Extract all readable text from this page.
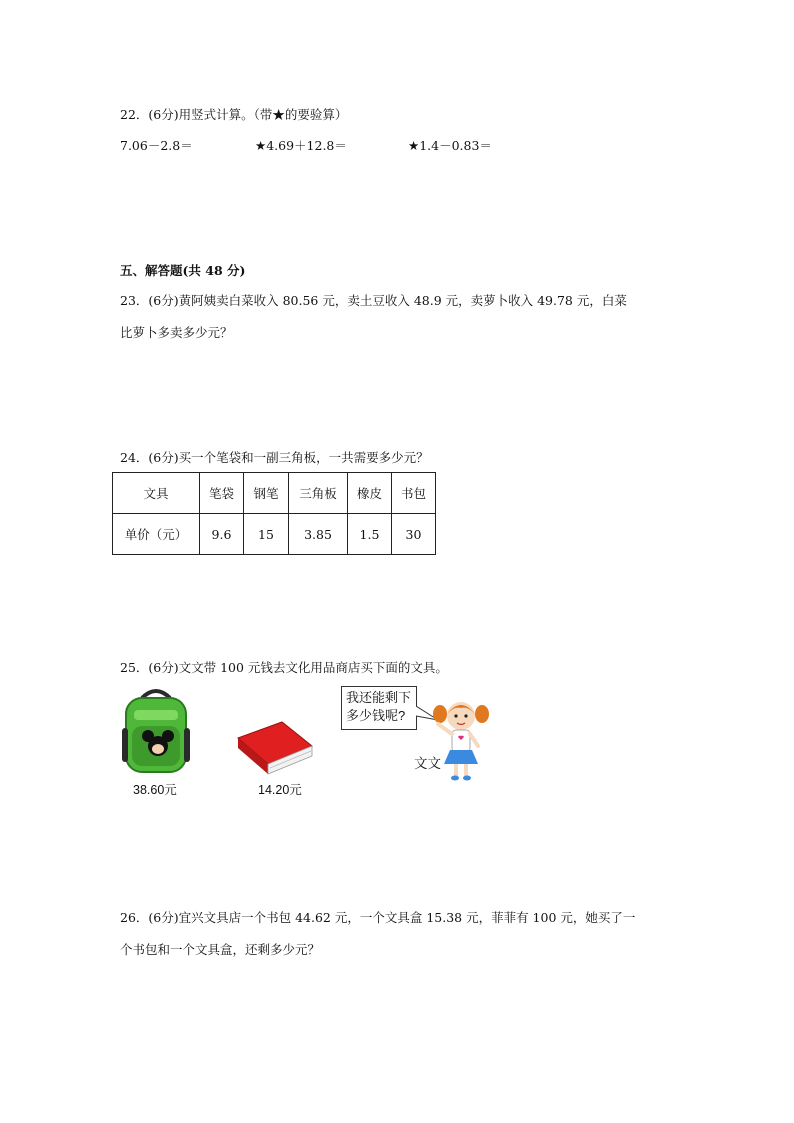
22．(6分)用竖式计算。（带★的要验算）
7.06－2.8＝	★4.69＋12.8＝	★1.4－0.83＝
五、解答题(共 48 分)
23．(6分)黄阿姨卖白菜收入 80.56 元，卖土豆收入 48.9 元，卖萝卜收入 49.78 元，白菜
比萝卜多卖多少元？
24．(6分)买一个笔袋和一副三角板，一共需要多少元？
文具	笔袋	钢笔	三角板	橡皮	书包
单价（元）	9.6	15	3.85	1.5	30
25．(6分)文文带 100 元钱去文化用品商店买下面的文具。
38.60元	14.20元
我还能剩下
多少钱呢?
文文
26．(6分)宜兴文具店一个书包 44.62 元，一个文具盒 15.38 元，菲菲有 100 元，她买了一
个书包和一个文具盒，还剩多少元？
